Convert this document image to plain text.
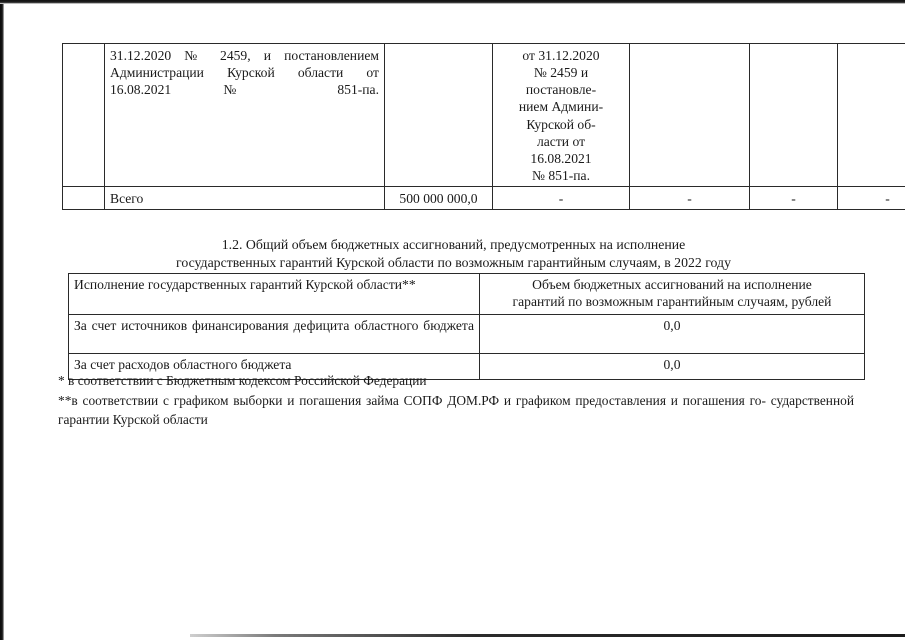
	31.12.2020 № 2459, и постановлением Администрации Курской области от 16.08.2021 № 851-па.		от 31.12.2020
№ 2459 и
постановле-
нием Админи-
Курской об-
ласти от
16.08.2021
№ 851-па.			
	Всего	500 000 000,0	-	-	-	-
1.2. Общий объем бюджетных ассигнований, предусмотренных на исполнение
государственных гарантий Курской области по возможным гарантийным случаям, в 2022 году
Исполнение государственных гарантий Курской области**	Объем бюджетных ассигнований на исполнение
гарантий по возможным гарантийным случаям, рублей
За счет источников финансирования дефицита областного бюджета	0,0
За счет расходов областного бюджета	0,0

* в соответствии с Бюджетным кодексом Российской Федерации

**в соответствии с графиком выборки и погашения займа СОПФ ДОМ.РФ и графиком предоставления и погашения го- сударственной гарантии Курской области
